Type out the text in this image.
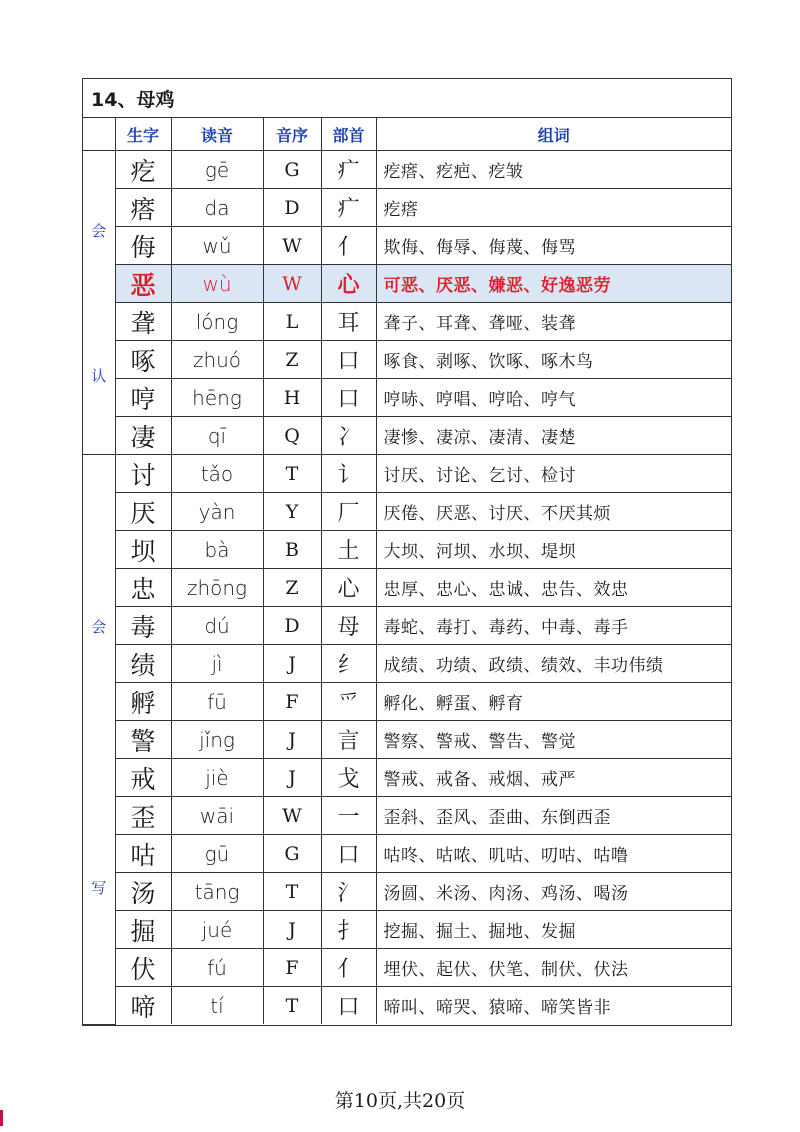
14、母鸡
	生字	读音	音序	部首	组词

会
认	疙	gē	G	疒	疙瘩、疙疤、疙皱
	瘩	da	D	疒	疙瘩
	侮	wǔ	W	亻	欺侮、侮辱、侮蔑、侮骂
	恶	wù	W	心	可恶、厌恶、嫌恶、好逸恶劳
	聋	lóng	L	耳	聋子、耳聋、聋哑、装聋
	啄	zhuó	Z	口	啄食、剥啄、饮啄、啄木鸟
	哼	hēng	H	口	哼哧、哼唱、哼哈、哼气
	凄	qī	Q	冫	凄惨、凄凉、凄清、凄楚

会
写	讨	tǎo	T	讠	讨厌、讨论、乞讨、检讨
	厌	yàn	Y	厂	厌倦、厌恶、讨厌、不厌其烦
	坝	bà	B	土	大坝、河坝、水坝、堤坝
	忠	zhōng	Z	心	忠厚、忠心、忠诚、忠告、效忠
	毒	dú	D	母	毒蛇、毒打、毒药、中毒、毒手
	绩	jì	J	纟	成绩、功绩、政绩、绩效、丰功伟绩
	孵	fū	F	爫	孵化、孵蛋、孵育
	警	jǐng	J	言	警察、警戒、警告、警觉
	戒	jiè	J	戈	警戒、戒备、戒烟、戒严
	歪	wāi	W	一	歪斜、歪风、歪曲、东倒西歪
	咕	gū	G	口	咕咚、咕哝、叽咕、叨咕、咕噜
	汤	tāng	T	氵	汤圆、米汤、肉汤、鸡汤、喝汤
	掘	jué	J	扌	挖掘、掘土、掘地、发掘
	伏	fú	F	亻	埋伏、起伏、伏笔、制伏、伏法
	啼	tí	T	口	啼叫、啼哭、猿啼、啼笑皆非
第10页,共20页
